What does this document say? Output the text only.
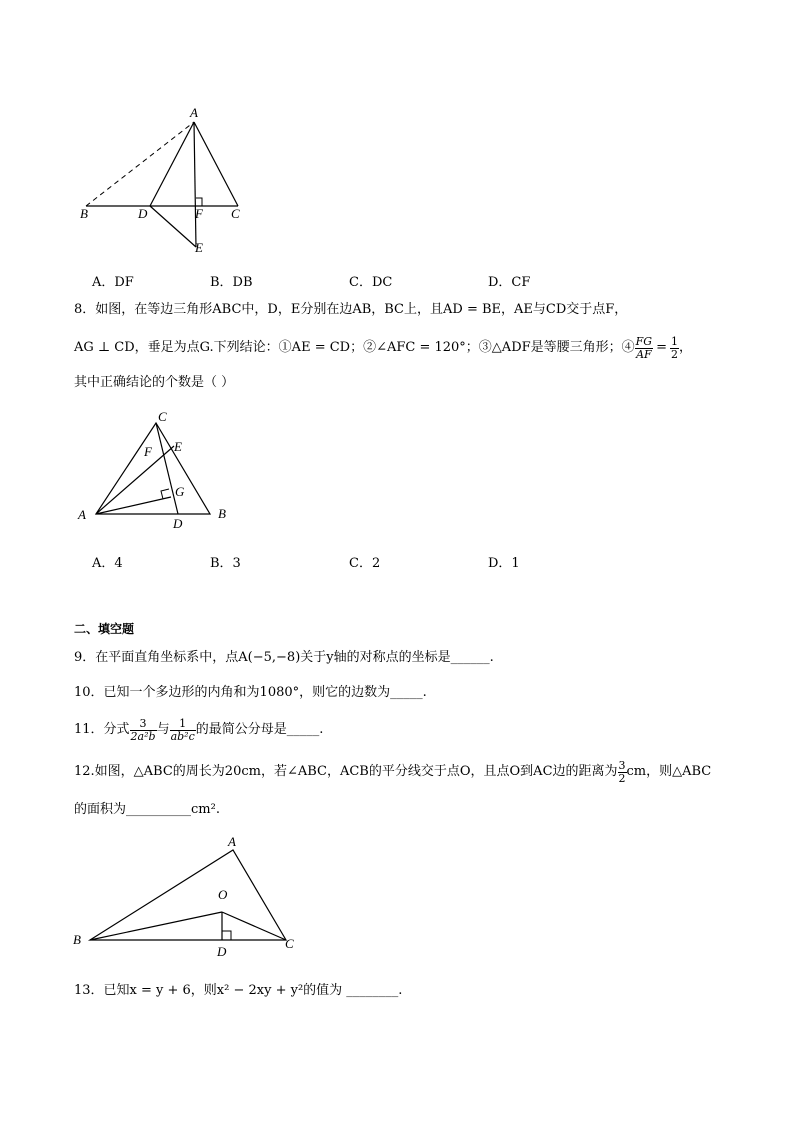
A
B	D	F C
E
A．DF	B．DB	C．DC	D．CF
8．如图，在等边三角形ABC中，D，E分别在边AB，BC上，且AD = BE，AE与CD交于点F，
AG ⊥ CD，垂足为点G.下列结论：①AE = CD；②∠AFC = 120°；③△ADF是等腰三角形；④ $\frac{FG}{AF} = \frac{1}{2}$ ，
其中正确结论的个数是（ ）
C
E
F
G
A
D
B
A．4	B．3	C．2	D．1
二、填空题
9．在平面直角坐标系中，点A(−5,−8)关于y轴的对称点的坐标是______.
10．已知一个多边形的内角和为1080°，则它的边数为_____.
11．分式 $\frac{3}{\text{2a²b}}$ 与 $\frac{1}{\text{ab²c}}$ 的最简公分母是_____.
12.如图，△ABC的周长为20cm，若∠ABC，ACB的平分线交于点O，且点O到AC边的距离为 $\frac{3}{2}$ cm，则△ABC
的面积为__________cm².
A
O
B
D
C
13．已知x = y + 6，则x² − 2xy + y²的值为 ________.
